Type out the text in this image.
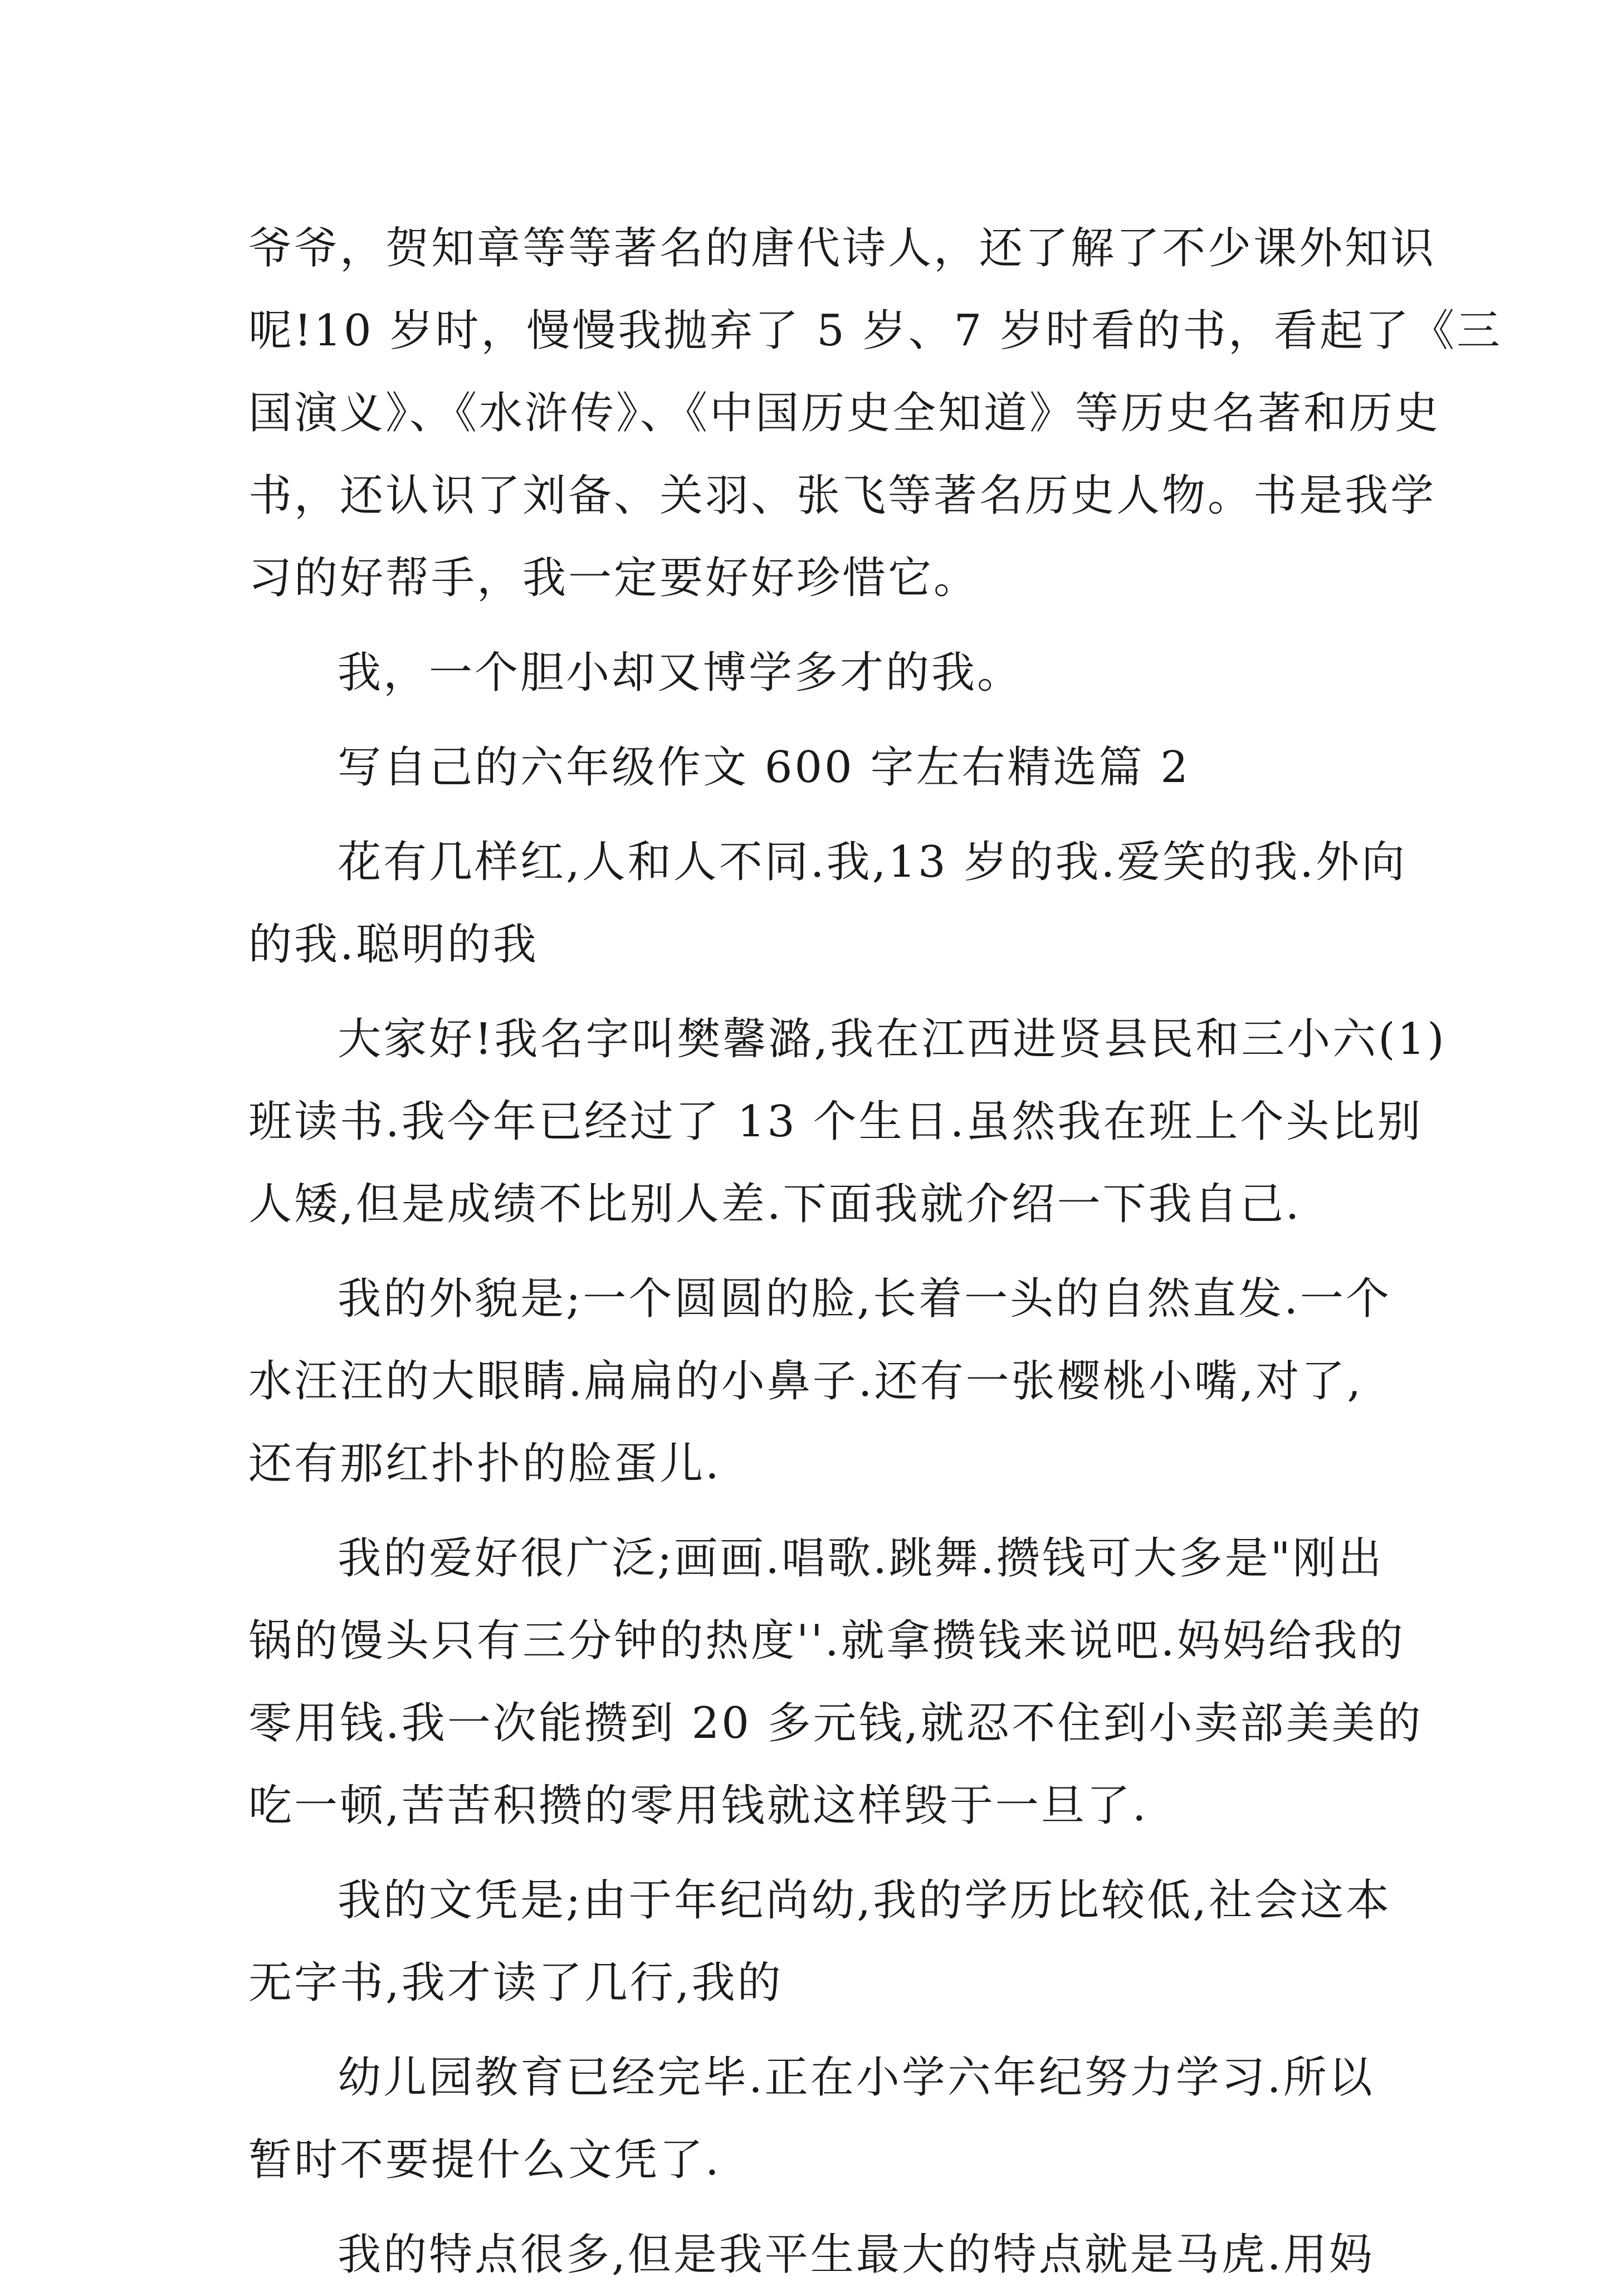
爷爷，贺知章等等著名的唐代诗人，还了解了不少课外知识
呢!10 岁时，慢慢我抛弃了 5 岁、7 岁时看的书，看起了《三
国演义》、《水浒传》、《中国历史全知道》等历史名著和历史
书，还认识了刘备、关羽、张飞等著名历史人物。书是我学
习的好帮手，我一定要好好珍惜它。
我，一个胆小却又博学多才的我。
写自己的六年级作文 600 字左右精选篇 2
花有几样红,人和人不同.我,13 岁的我.爱笑的我.外向
的我.聪明的我
大家好!我名字叫樊馨潞,我在江西进贤县民和三小六(1)
班读书.我今年已经过了 13 个生日.虽然我在班上个头比别
人矮,但是成绩不比别人差.下面我就介绍一下我自己.
我的外貌是;一个圆圆的脸,长着一头的自然直发.一个
水汪汪的大眼睛.扁扁的小鼻子.还有一张樱桃小嘴,对了,
还有那红扑扑的脸蛋儿.
我的爱好很广泛;画画.唱歌.跳舞.攒钱可大多是"刚出
锅的馒头只有三分钟的热度''.就拿攒钱来说吧.妈妈给我的
零用钱.我一次能攒到 20 多元钱,就忍不住到小卖部美美的
吃一顿,苦苦积攒的零用钱就这样毁于一旦了.
我的文凭是;由于年纪尚幼,我的学历比较低,社会这本
无字书,我才读了几行,我的
幼儿园教育已经完毕.正在小学六年纪努力学习.所以
暂时不要提什么文凭了.
我的特点很多,但是我平生最大的特点就是马虎.用妈
